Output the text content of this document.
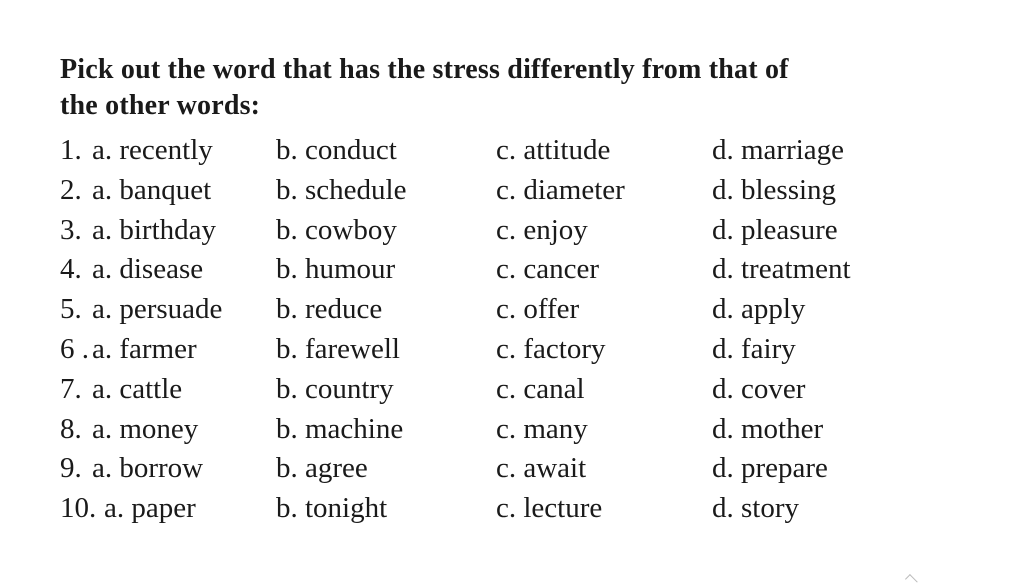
Pick out the word that has the stress differently from that of
the other words:

1. a. recently b. conduct	c. attitude	d. marriage
2. a. banquet b. schedule	c. diameter	d. blessing
3. a. birthday b. cowboy	c. enjoy	d. pleasure
4. a. disease	b. humour	c. cancer	d. treatment
5. a. persuade b. reduce	c. offer	d. apply
6 . a. farmer	b. farewell	c. factory	d. fairy
7. a. cattle	b. country	c. canal	d. cover
8. a. money	b. machine	c. many	d. mother
9. a. borrow	b. agree	c. await	d. prepare
10. a. paper	b. tonight	c. lecture	d. story
